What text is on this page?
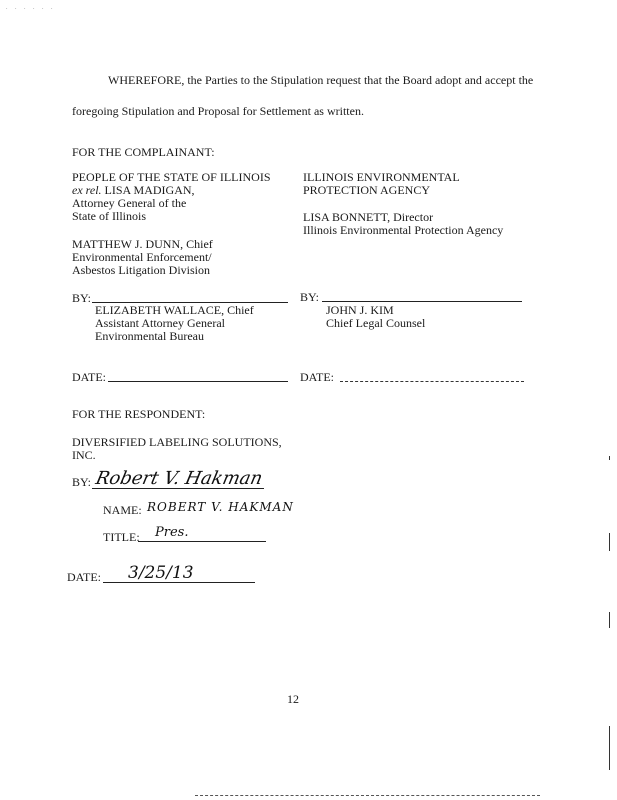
. . . . . .
WHEREFORE, the Parties to the Stipulation request that the Board adopt and accept the
foregoing Stipulation and Proposal for Settlement as written.
FOR THE COMPLAINANT:
PEOPLE OF THE STATE OF ILLINOIS
ex rel. LISA MADIGAN,
Attorney General of the
State of Illinois
ILLINOIS ENVIRONMENTAL
PROTECTION AGENCY
LISA BONNETT, Director
Illinois Environmental Protection Agency
MATTHEW J. DUNN, Chief
Environmental Enforcement/
Asbestos Litigation Division
BY:
ELIZABETH WALLACE, Chief
Assistant Attorney General
Environmental Bureau
BY:
JOHN J. KIM
Chief Legal Counsel
DATE:	DATE:
FOR THE RESPONDENT:
DIVERSIFIED LABELING SOLUTIONS,
INC.
BY: Robert V. Hakman
NAME: ROBERT V. HAKMAN
TITLE: Pres.
DATE: 3/25/13
12
